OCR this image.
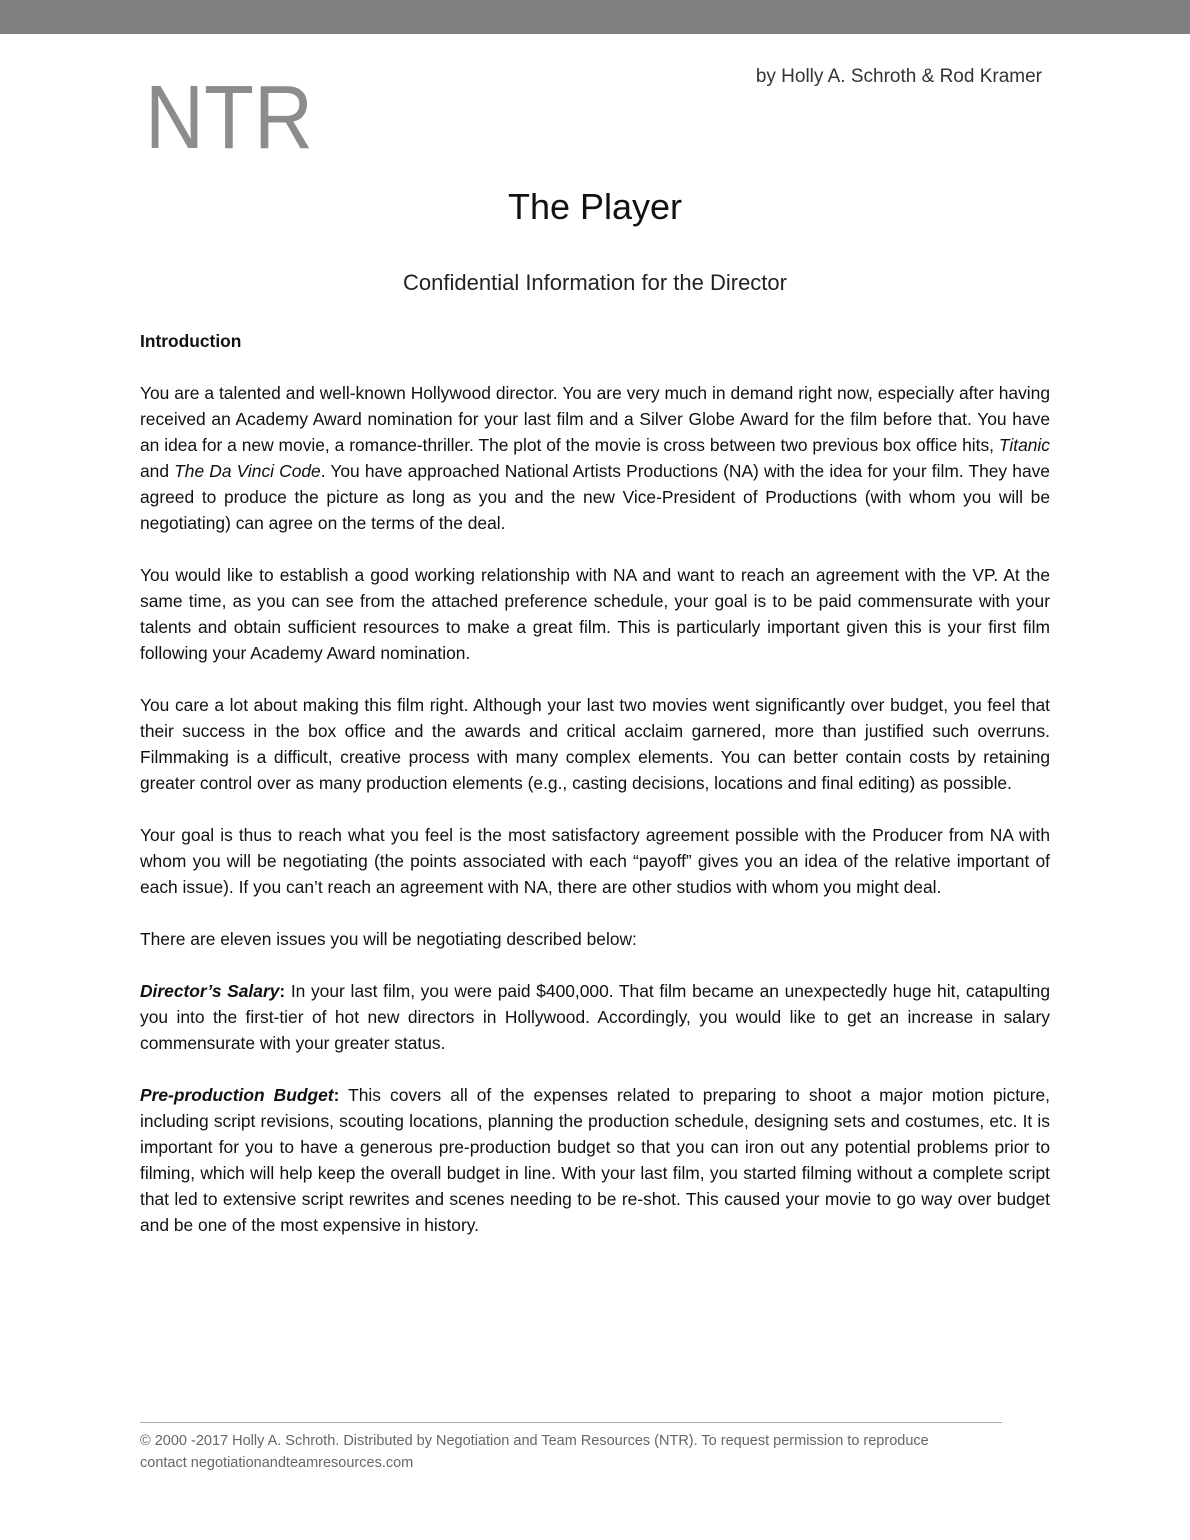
NTR	by Holly A. Schroth & Rod Kramer
The Player
Confidential Information for the Director
Introduction

You are a talented and well-known Hollywood director. You are very much in demand right now, especially after having received an Academy Award nomination for your last film and a Silver Globe Award for the film before that. You have an idea for a new movie, a romance-thriller. The plot of the movie is cross between two previous box office hits, Titanic and The Da Vinci Code. You have approached National Artists Productions (NA) with the idea for your film. They have agreed to produce the picture as long as you and the new Vice-President of Productions (with whom you will be negotiating) can agree on the terms of the deal.

You would like to establish a good working relationship with NA and want to reach an agreement with the VP. At the same time, as you can see from the attached preference schedule, your goal is to be paid commensurate with your talents and obtain sufficient resources to make a great film. This is particularly important given this is your first film following your Academy Award nomination.

You care a lot about making this film right. Although your last two movies went significantly over budget, you feel that their success in the box office and the awards and critical acclaim garnered, more than justified such overruns. Filmmaking is a difficult, creative process with many complex elements. You can better contain costs by retaining greater control over as many production elements (e.g., casting decisions, locations and final editing) as possible.

Your goal is thus to reach what you feel is the most satisfactory agreement possible with the Producer from NA with whom you will be negotiating (the points associated with each “payoff” gives you an idea of the relative important of each issue). If you can’t reach an agreement with NA, there are other studios with whom you might deal.

There are eleven issues you will be negotiating described below:

Director’s Salary: In your last film, you were paid $400,000. That film became an unexpectedly huge hit, catapulting you into the first-tier of hot new directors in Hollywood. Accordingly, you would like to get an increase in salary commensurate with your greater status.

Pre-production Budget: This covers all of the expenses related to preparing to shoot a major motion picture, including script revisions, scouting locations, planning the production schedule, designing sets and costumes, etc. It is important for you to have a generous pre-production budget so that you can iron out any potential problems prior to filming, which will help keep the overall budget in line. With your last film, you started filming without a complete script that led to extensive script rewrites and scenes needing to be re-shot. This caused your movie to go way over budget and be one of the most expensive in history.

© 2000 -2017 Holly A. Schroth. Distributed by Negotiation and Team Resources (NTR). To request permission to reproduce
contact negotiationandteamresources.com
